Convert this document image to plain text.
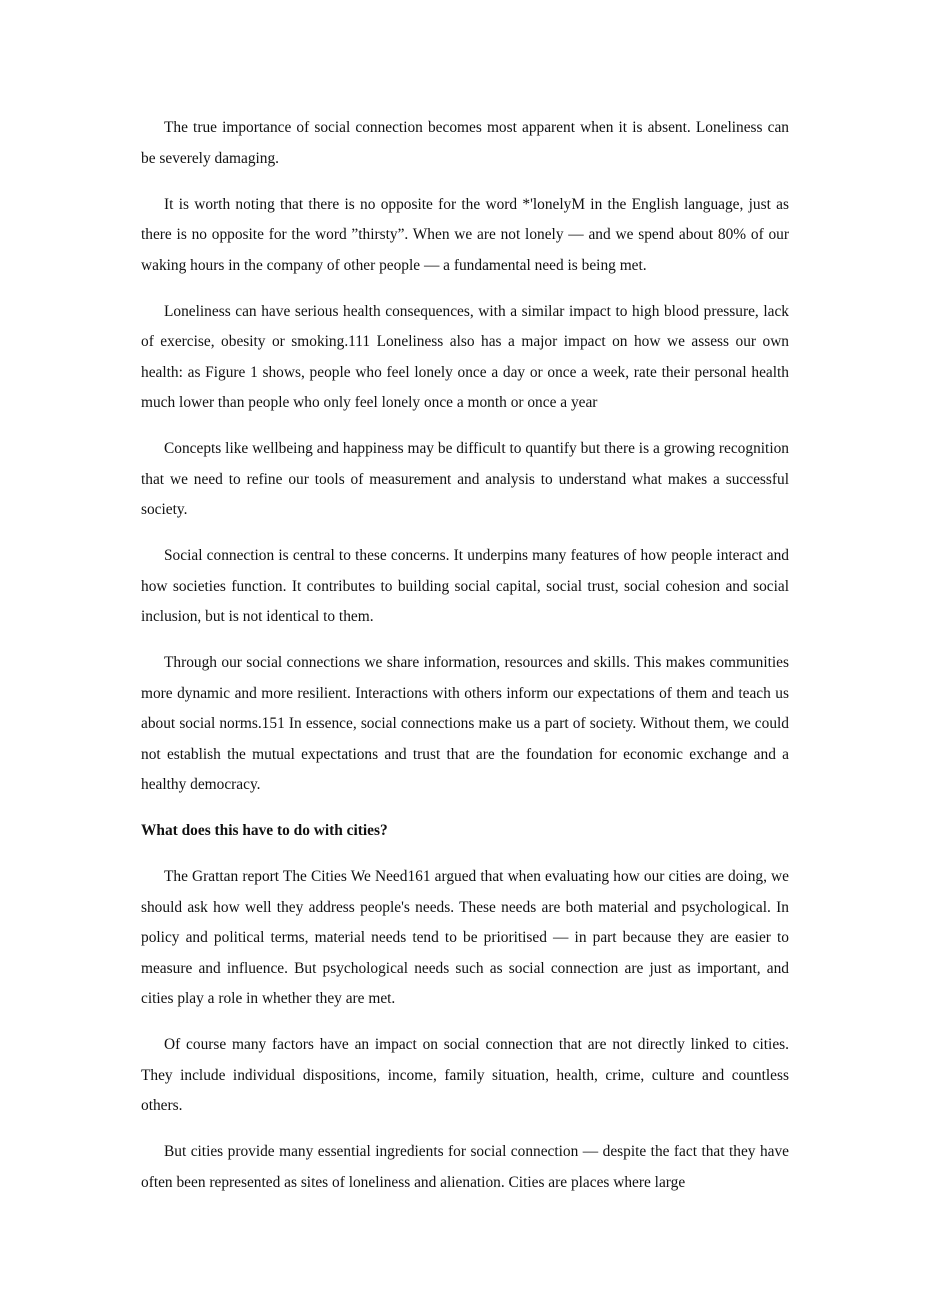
The true importance of social connection becomes most apparent when it is absent. Loneliness can be severely damaging.

It is worth noting that there is no opposite for the word *'lonelyM in the English language, just as there is no opposite for the word ”thirsty”. When we are not lonely — and we spend about 80% of our waking hours in the company of other people — a fundamental need is being met.

Loneliness can have serious health consequences, with a similar impact to high blood pressure, lack of exercise, obesity or smoking.111 Loneliness also has a major impact on how we assess our own health: as Figure 1 shows, people who feel lonely once a day or once a week, rate their personal health much lower than people who only feel lonely once a month or once a year

Concepts like wellbeing and happiness may be difficult to quantify but there is a growing recognition that we need to refine our tools of measurement and analysis to understand what makes a successful society.

Social connection is central to these concerns. It underpins many features of how people interact and how societies function. It contributes to building social capital, social trust, social cohesion and social inclusion, but is not identical to them.

Through our social connections we share information, resources and skills. This makes communities more dynamic and more resilient. Interactions with others inform our expectations of them and teach us about social norms.151 In essence, social connections make us a part of society. Without them, we could not establish the mutual expectations and trust that are the foundation for economic exchange and a healthy democracy.

What does this have to do with cities?

The Grattan report The Cities We Need161 argued that when evaluating how our cities are doing, we should ask how well they address people's needs. These needs are both material and psychological. In policy and political terms, material needs tend to be prioritised — in part because they are easier to measure and influence. But psychological needs such as social connection are just as important, and cities play a role in whether they are met.

Of course many factors have an impact on social connection that are not directly linked to cities. They include individual dispositions, income, family situation, health, crime, culture and countless others.

But cities provide many essential ingredients for social connection — despite the fact that they have often been represented as sites of loneliness and alienation. Cities are places where large
